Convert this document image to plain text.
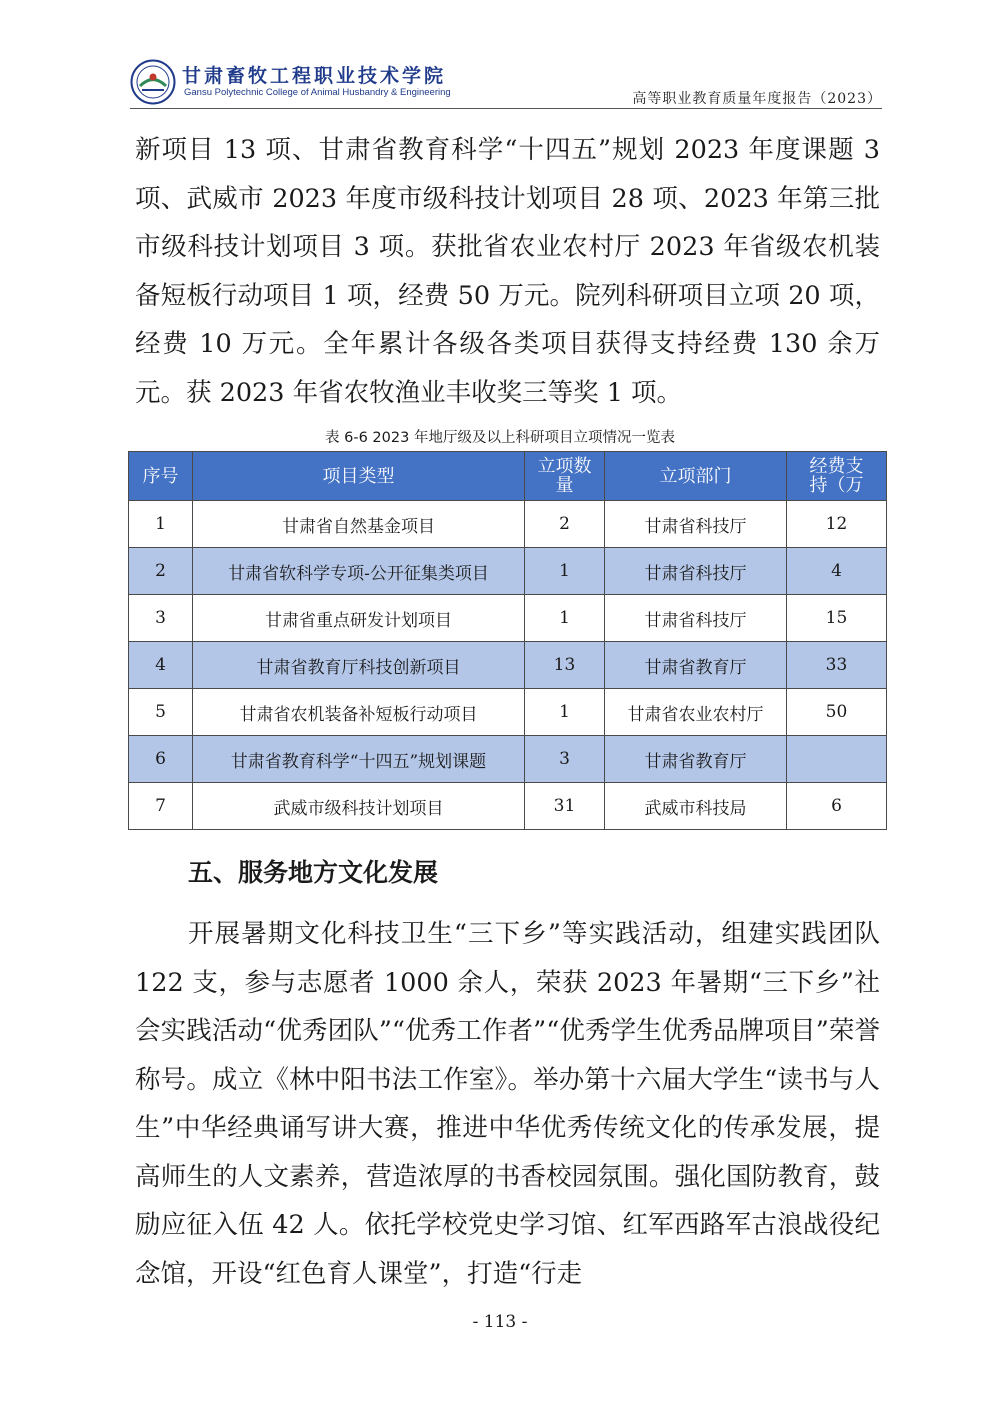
甘肃畜牧工程职业技术学院
Gansu Polytechnic College of Animal Husbandry & Engineering	高等职业教育质量年度报告（2023）
新项目 13 项、甘肃省教育科学“十四五”规划 2023 年度课题 3 项、武威市 2023 年度市级科技计划项目 28 项、2023 年第三批市级科技计划项目 3 项。获批省农业农村厅 2023 年省级农机装备短板行动项目 1 项，经费 50 万元。院列科研项目立项 20 项，经费 10 万元。全年累计各级各类项目获得支持经费 130 余万元。获 2023 年省农牧渔业丰收奖三等奖 1 项。
表 6-6 2023 年地厅级及以上科研项目立项情况一览表
序号	项目类型	立项数量	立项部门	经费支持（万
1	甘肃省自然基金项目	2	甘肃省科技厅	12
2	甘肃省软科学专项-公开征集类项目	1	甘肃省科技厅	4
3	甘肃省重点研发计划项目	1	甘肃省科技厅	15
4	甘肃省教育厅科技创新项目	13	甘肃省教育厅	33
5	甘肃省农机装备补短板行动项目	1	甘肃省农业农村厅	50
6	甘肃省教育科学“十四五”规划课题	3	甘肃省教育厅	
7	武威市级科技计划项目	31	武威市科技局	6
五、服务地方文化发展
开展暑期文化科技卫生“三下乡”等实践活动，组建实践团队 122 支，参与志愿者 1000 余人，荣获 2023 年暑期“三下乡”社会实践活动“优秀团队”“优秀工作者”“优秀学生优秀品牌项目”荣誉称号。成立《林中阳书法工作室》。举办第十六届大学生“读书与人生”中华经典诵写讲大赛，推进中华优秀传统文化的传承发展，提高师生的人文素养，营造浓厚的书香校园氛围。强化国防教育，鼓励应征入伍 42 人。依托学校党史学习馆、红军西路军古浪战役纪念馆，开设“红色育人课堂”，打造“行走
- 113 -
